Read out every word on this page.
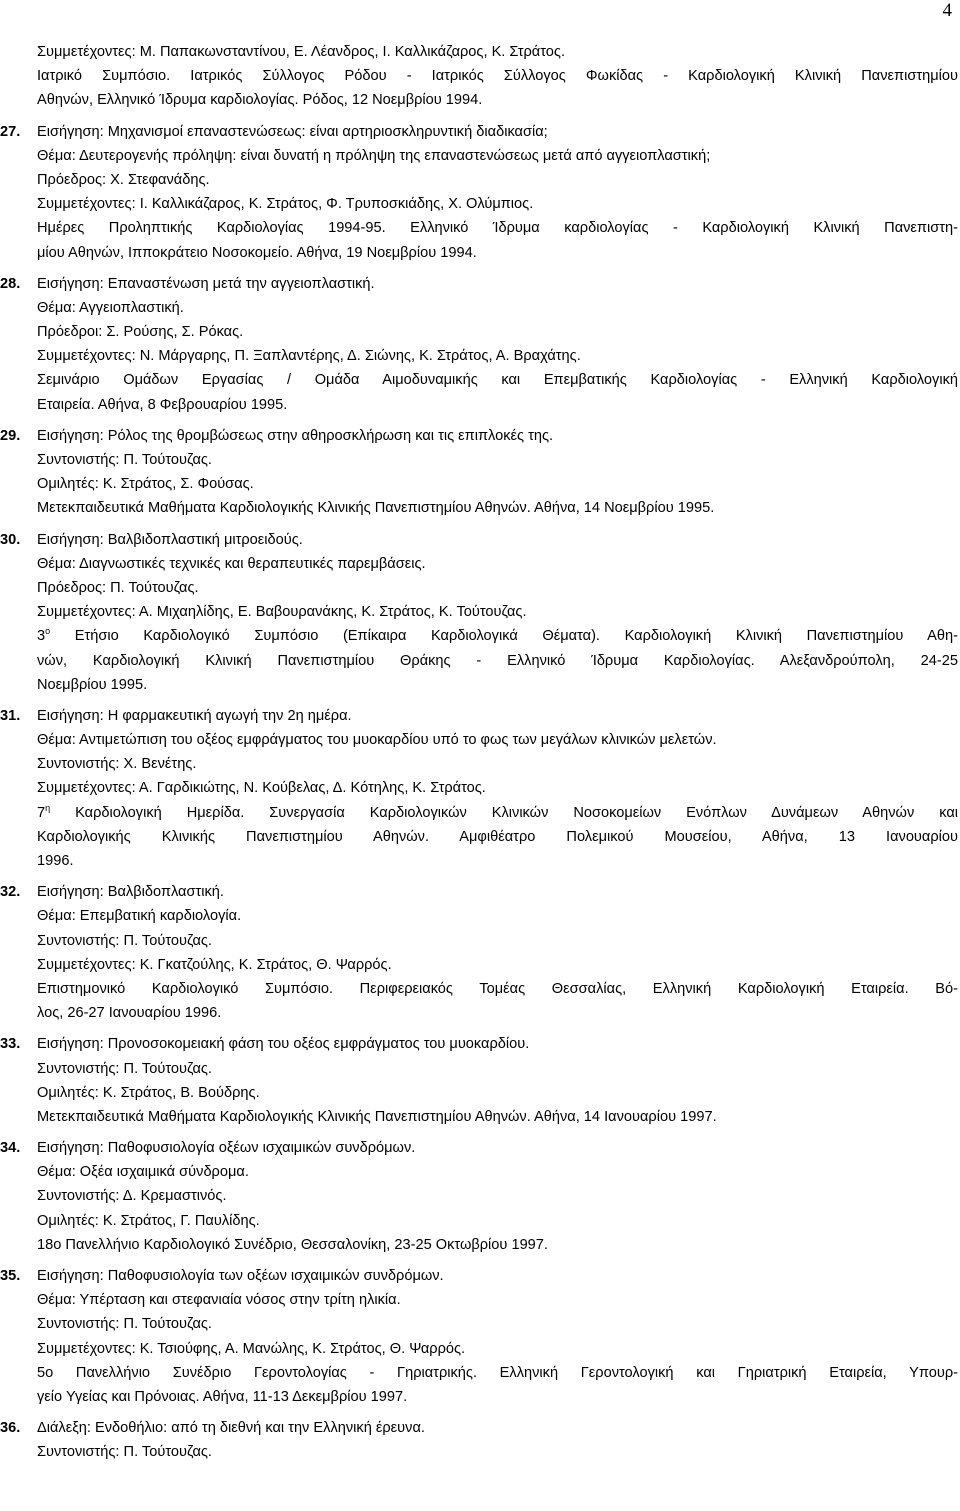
4
Συμμετέχοντες: Μ. Παπακωνσταντίνου, Ε. Λέανδρος, Ι. Καλλικάζαρος, Κ. Στράτος.
Ιατρικό Συμπόσιο. Ιατρικός Σύλλογος Ρόδου - Ιατρικός Σύλλογος Φωκίδας - Καρδιολογική Κλινική Πανεπιστημίου
Αθηνών, Ελληνικό Ίδρυμα καρδιολογίας. Ρόδος, 12 Νοεμβρίου 1994.
27.	Εισήγηση: Μηχανισμοί επαναστενώσεως: είναι αρτηριοσκληρυντική διαδικασία;
Θέμα: Δευτερογενής πρόληψη: είναι δυνατή η πρόληψη της επαναστενώσεως μετά από αγγειοπλαστική;
Πρόεδρος: Χ. Στεφανάδης.
Συμμετέχοντες: Ι. Καλλικάζαρος, Κ. Στράτος, Φ. Τρυποσκιάδης, Χ. Ολύμπιος.
Ημέρες Προληπτικής Καρδιολογίας 1994-95. Ελληνικό Ίδρυμα καρδιολογίας - Καρδιολογική Κλινική Πανεπιστη-
μίου Αθηνών, Ιπποκράτειο Νοσοκομείο. Αθήνα, 19 Νοεμβρίου 1994.
28.	Εισήγηση: Επαναστένωση μετά την αγγειοπλαστική.
Θέμα: Αγγειοπλαστική.
Πρόεδροι: Σ. Ρούσης, Σ. Ρόκας.
Συμμετέχοντες: Ν. Μάργαρης, Π. Ξαπλαντέρης, Δ. Σιώνης, Κ. Στράτος, Α. Βραχάτης.
Σεμινάριο Ομάδων Εργασίας / Ομάδα Αιμοδυναμικής και Επεμβατικής Καρδιολογίας - Ελληνική Καρδιολογική
Εταιρεία. Αθήνα, 8 Φεβρουαρίου 1995.
29.	Εισήγηση: Ρόλος της θρομβώσεως στην αθηροσκλήρωση και τις επιπλοκές της.
Συντονιστής: Π. Τούτουζας.
Ομιλητές: Κ. Στράτος, Σ. Φούσας.
Μετεκπαιδευτικά Μαθήματα Καρδιολογικής Κλινικής Πανεπιστημίου Αθηνών. Αθήνα, 14 Νοεμβρίου 1995.
30.	Εισήγηση: Βαλβιδοπλαστική μιτροειδούς.
Θέμα: Διαγνωστικές τεχνικές και θεραπευτικές παρεμβάσεις.
Πρόεδρος: Π. Τούτουζας.
Συμμετέχοντες: Α. Μιχαηλίδης, Ε. Βαβουρανάκης, Κ. Στράτος, Κ. Τούτουζας.
$3^o$ Ετήσιο Καρδιολογικό Συμπόσιο (Επίκαιρα Καρδιολογικά Θέματα). Καρδιολογική Κλινική Πανεπιστημίου Αθη-
νών, Καρδιολογική Κλινική Πανεπιστημίου Θράκης - Ελληνικό Ίδρυμα Καρδιολογίας. Αλεξανδρούπολη, 24-25
Νοεμβρίου 1995.
31.	Εισήγηση: Η φαρμακευτική αγωγή την 2η ημέρα.
Θέμα: Αντιμετώπιση του οξέος εμφράγματος του μυοκαρδίου υπό το φως των μεγάλων κλινικών μελετών.
Συντονιστής: Χ. Βενέτης.
Συμμετέχοντες: Α. Γαρδικιώτης, Ν. Κούβελας, Δ. Κότηλης, Κ. Στράτος.
$7^\eta$ Καρδιολογική Ημερίδα. Συνεργασία Καρδιολογικών Κλινικών Νοσοκομείων Ενόπλων Δυνάμεων Αθηνών και
Καρδιολογικής Κλινικής Πανεπιστημίου Αθηνών. Αμφιθέατρο Πολεμικού Μουσείου, Αθήνα, 13 Ιανουαρίου
1996.
32.	Εισήγηση: Βαλβιδοπλαστική.
Θέμα: Επεμβατική καρδιολογία.
Συντονιστής: Π. Τούτουζας.
Συμμετέχοντες: Κ. Γκατζούλης, Κ. Στράτος, Θ. Ψαρρός.
Επιστημονικό Καρδιολογικό Συμπόσιο. Περιφερειακός Τομέας Θεσσαλίας, Ελληνική Καρδιολογική Εταιρεία. Βό-
λος, 26-27 Ιανουαρίου 1996.
33.	Εισήγηση: Προνοσοκομειακή φάση του οξέος εμφράγματος του μυοκαρδίου.
Συντονιστής: Π. Τούτουζας.
Ομιλητές: Κ. Στράτος, Β. Βούδρης.
Μετεκπαιδευτικά Μαθήματα Καρδιολογικής Κλινικής Πανεπιστημίου Αθηνών. Αθήνα, 14 Ιανουαρίου 1997.
34.	Εισήγηση: Παθοφυσιολογία οξέων ισχαιμικών συνδρόμων.
Θέμα: Οξέα ισχαιμικά σύνδρομα.
Συντονιστής: Δ. Κρεμαστινός.
Ομιλητές: Κ. Στράτος, Γ. Παυλίδης.
18ο Πανελλήνιο Καρδιολογικό Συνέδριο, Θεσσαλονίκη, 23-25 Οκτωβρίου 1997.
35.	Εισήγηση: Παθοφυσιολογία των οξέων ισχαιμικών συνδρόμων.
Θέμα: Υπέρταση και στεφανιαία νόσος στην τρίτη ηλικία.
Συντονιστής: Π. Τούτουζας.
Συμμετέχοντες: Κ. Τσιούφης, Α. Μανώλης, Κ. Στράτος, Θ. Ψαρρός.
5ο Πανελλήνιο Συνέδριο Γεροντολογίας - Γηριατρικής. Ελληνική Γεροντολογική και Γηριατρική Εταιρεία, Υπουρ-
γείο Υγείας και Πρόνοιας. Αθήνα, 11-13 Δεκεμβρίου 1997.
36.	Διάλεξη: Ενδοθήλιο: από τη διεθνή και την Ελληνική έρευνα.
Συντονιστής: Π. Τούτουζας.
